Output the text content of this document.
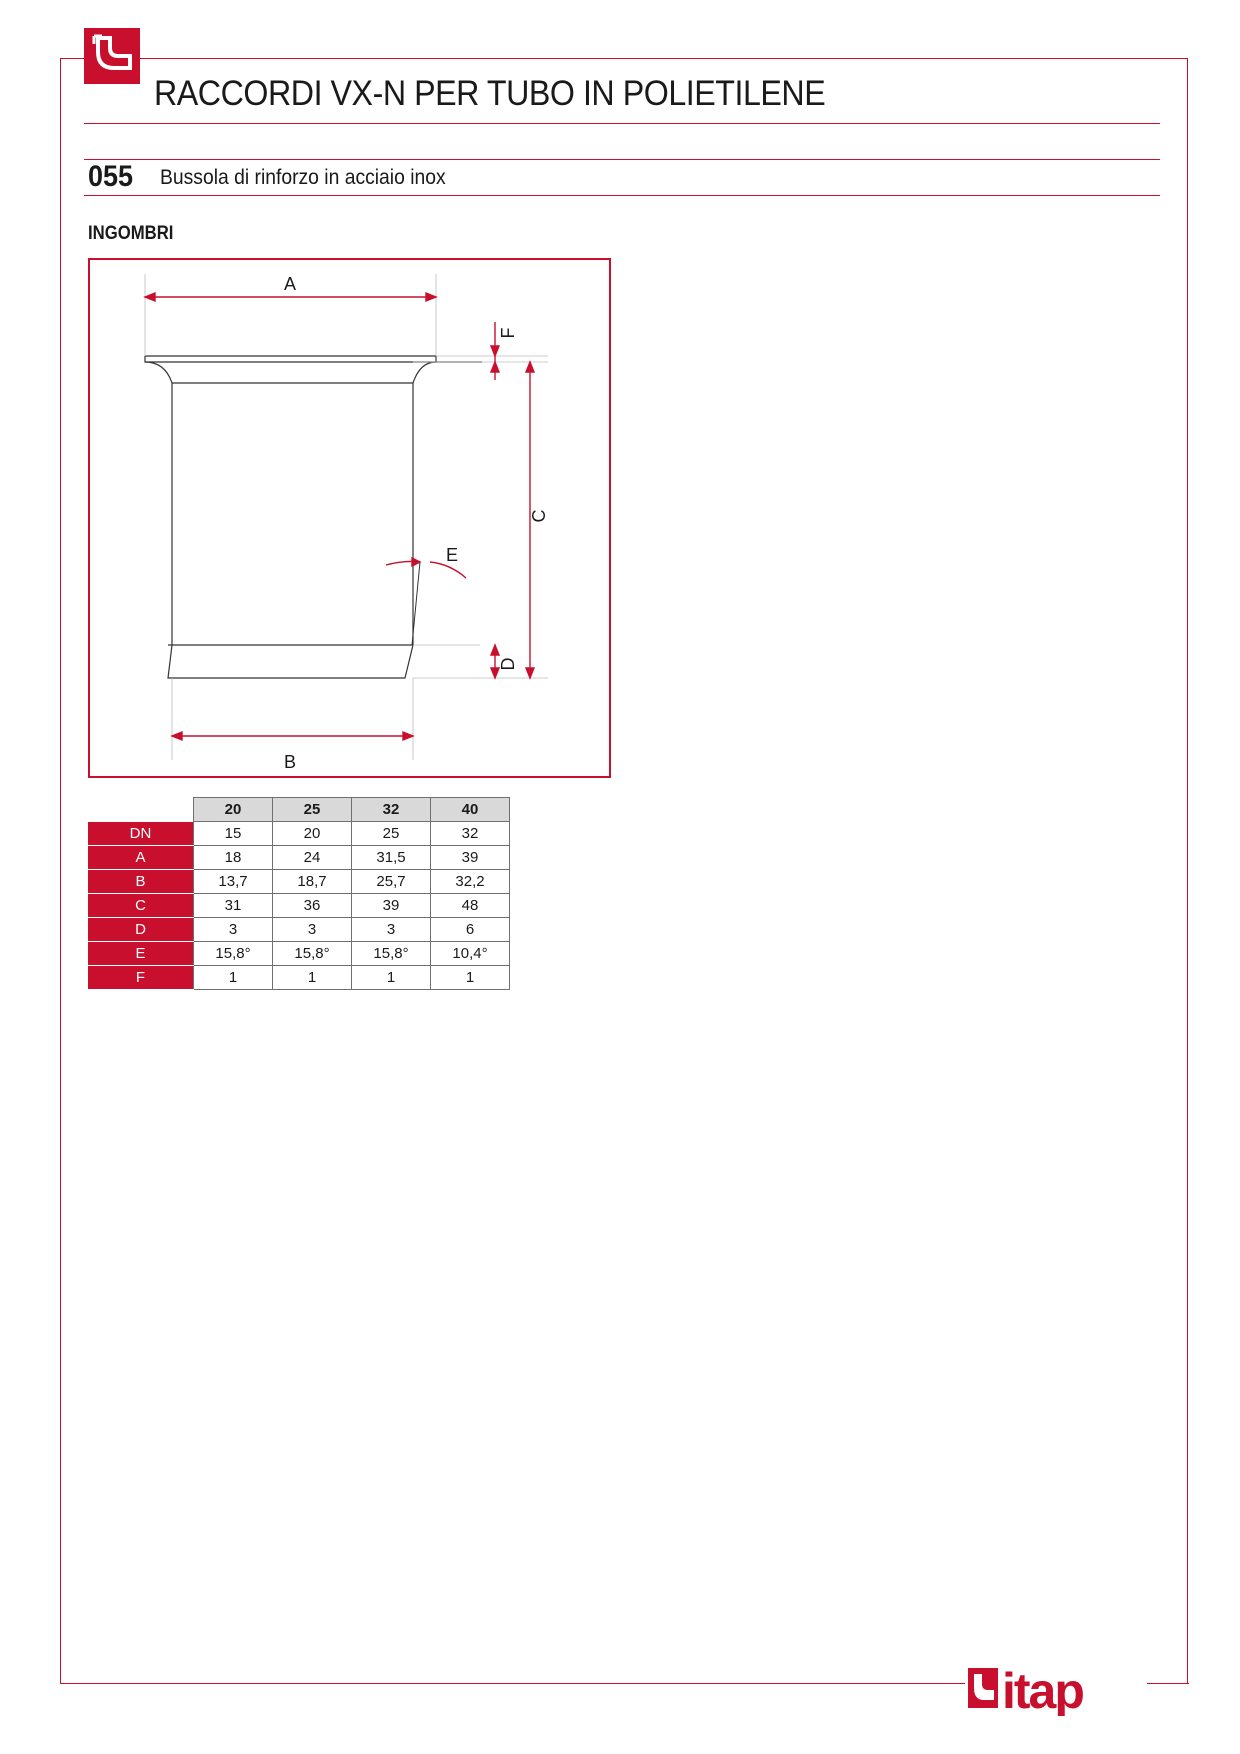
RACCORDI VX-N PER TUBO IN POLIETILENE
055 Bussola di rinforzo in acciaio inox
INGOMBRI
A
B
C
D
E
F
	20	25	32	40
DN	15	20	25	32
A	18	24	31,5	39
B	13,7	18,7	25,7	32,2
C	31	36	39	48
D	3	3	3	6
E	15,8°	15,8°	15,8°	10,4°
F	1	1	1	1
itap
